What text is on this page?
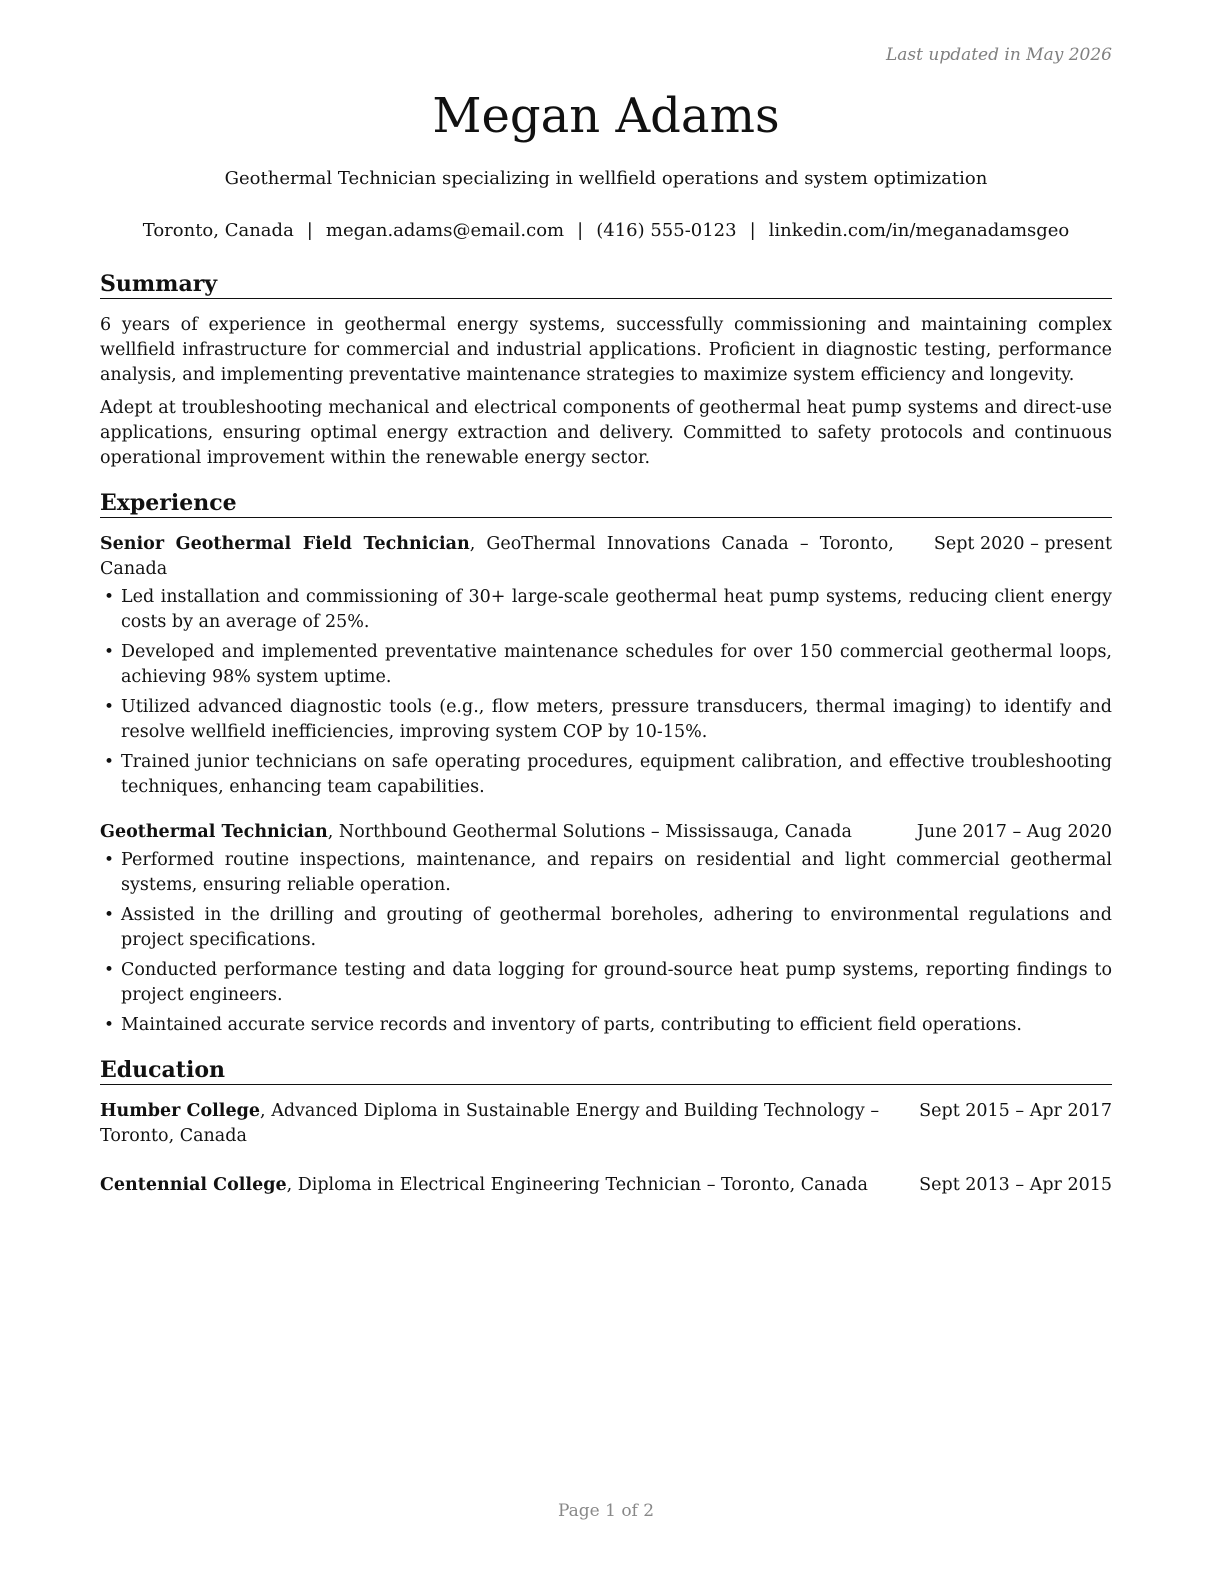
Last updated in May 2026
Megan Adams
Geothermal Technician specializing in wellfield operations and system optimization
Toronto, Canada | megan.adams@email.com | (416) 555-0123 | linkedin.com/in/meganadamsgeo
Summary

6 years of experience in geothermal energy systems, successfully commissioning and maintaining complex wellfield infrastructure for commercial and industrial applications. Proficient in diagnostic testing, performance analysis, and implementing preventative maintenance strategies to maximize system efficiency and longevity.

Adept at troubleshooting mechanical and electrical components of geothermal heat pump systems and direct-use applications, ensuring optimal energy extraction and delivery. Committed to safety protocols and continuous operational improvement within the renewable energy sector.

Experience
Senior Geothermal Field Technician, GeoThermal Innovations Canada – Toronto, Canada
Sept 2020 – present
• Led installation and commissioning of 30+ large-scale geothermal heat pump systems, reducing client energy costs by an average of 25%.
• Developed and implemented preventative maintenance schedules for over 150 commercial geothermal loops, achieving 98% system uptime.
• Utilized advanced diagnostic tools (e.g., flow meters, pressure transducers, thermal imaging) to identify and resolve wellfield inefficiencies, improving system COP by 10-15%.
• Trained junior technicians on safe operating procedures, equipment calibration, and effective troubleshooting techniques, enhancing team capabilities.
Geothermal Technician, Northbound Geothermal Solutions – Mississauga, Canada	June 2017 – Aug 2020
• Performed routine inspections, maintenance, and repairs on residential and light commercial geothermal systems, ensuring reliable operation.
• Assisted in the drilling and grouting of geothermal boreholes, adhering to environmental regulations and project specifications.
• Conducted performance testing and data logging for ground-source heat pump systems, reporting findings to project engineers.
• Maintained accurate service records and inventory of parts, contributing to efficient field operations.
Education
Humber College, Advanced Diploma in Sustainable Energy and Building Technology – Toronto, Canada
Sept 2015 – Apr 2017
Centennial College, Diploma in Electrical Engineering Technician – Toronto, Canada	Sept 2013 – Apr 2015
Page 1 of 2
